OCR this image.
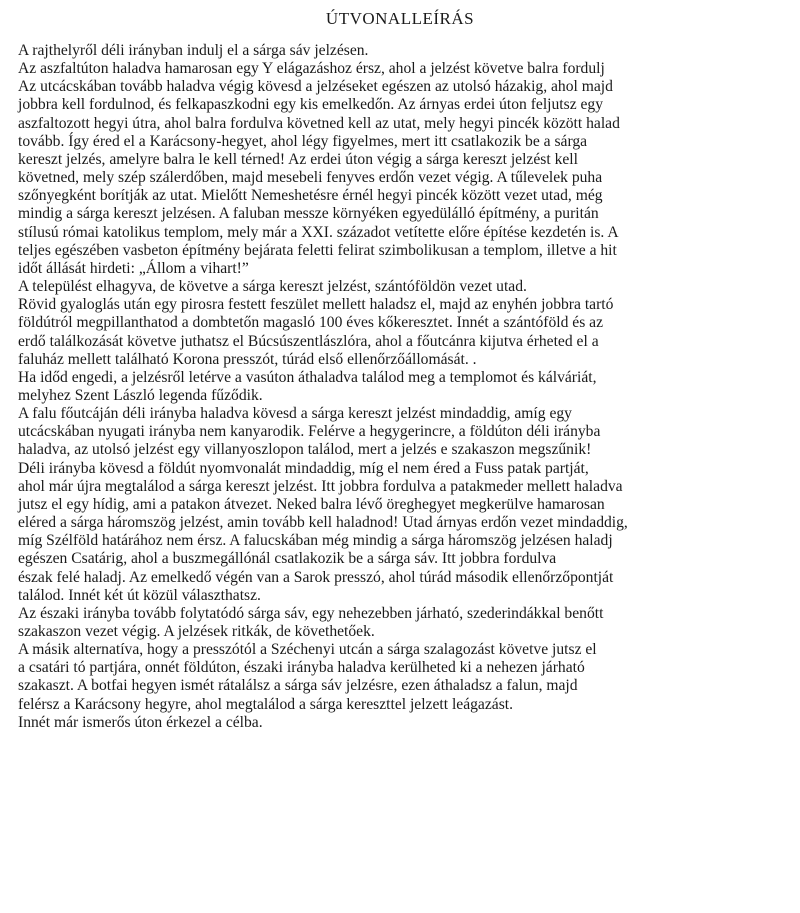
ÚTVONALLEÍRÁS
A rajthelyről déli irányban indulj el a sárga sáv jelzésen.
Az aszfaltúton haladva hamarosan egy Y elágazáshoz érsz, ahol a jelzést követve balra fordulj
Az utcácskában tovább haladva végig kövesd a jelzéseket egészen az utolsó házakig, ahol majd
jobbra kell fordulnod, és felkapaszkodni egy kis emelkedőn. Az árnyas erdei úton feljutsz egy
aszfaltozott hegyi útra, ahol balra fordulva követned kell az utat, mely hegyi pincék között halad
tovább. Így éred el a Karácsony-hegyet, ahol légy figyelmes, mert itt csatlakozik be a sárga
kereszt jelzés, amelyre balra le kell térned! Az erdei úton végig a sárga kereszt jelzést kell
követned, mely szép szálerdőben, majd mesebeli fenyves erdőn vezet végig. A tűlevelek puha
szőnyegként borítják az utat. Mielőtt Nemeshetésre érnél hegyi pincék között vezet utad, még
mindig a sárga kereszt jelzésen. A faluban messze környéken egyedülálló építmény, a puritán
stílusú római katolikus templom, mely már a XXI. századot vetítette előre építése kezdetén is. A
teljes egészében vasbeton építmény bejárata feletti felirat szimbolikusan a templom, illetve a hit
időt állását hirdeti: „Állom a vihart!”
A települést elhagyva, de követve a sárga kereszt jelzést, szántóföldön vezet utad.
Rövid gyaloglás után egy pirosra festett feszület mellett haladsz el, majd az enyhén jobbra tartó
földútról megpillanthatod a dombtetőn magasló 100 éves kőkeresztet. Innét a szántóföld és az
erdő találkozását követve juthatsz el Búcsúszentlászlóra, ahol a főutcánra kijutva érheted el a
faluház mellett található Korona presszót, túrád első ellenőrzőállomását. .
Ha időd engedi, a jelzésről letérve a vasúton áthaladva találod meg a templomot és kálváriát,
melyhez Szent László legenda fűződik.
A falu főutcáján déli irányba haladva kövesd a sárga kereszt jelzést mindaddig, amíg egy
utcácskában nyugati irányba nem kanyarodik. Felérve a hegygerincre, a földúton déli irányba
haladva, az utolsó jelzést egy villanyoszlopon találod, mert a jelzés e szakaszon megszűnik!
Déli irányba kövesd a földút nyomvonalát mindaddig, míg el nem éred a Fuss patak partját,
ahol már újra megtalálod a sárga kereszt jelzést. Itt jobbra fordulva a patakmeder mellett haladva
jutsz el egy hídig, ami a patakon átvezet. Neked balra lévő öreghegyet megkerülve hamarosan
eléred a sárga háromszög jelzést, amin tovább kell haladnod! Utad árnyas erdőn vezet mindaddig,
míg Szélföld határához nem érsz. A falucskában még mindig a sárga háromszög jelzésen haladj
egészen Csatárig, ahol a buszmegállónál csatlakozik be a sárga sáv. Itt jobbra fordulva
észak felé haladj. Az emelkedő végén van a Sarok presszó, ahol túrád második ellenőrzőpontját
találod. Innét két út közül választhatsz.
Az északi irányba tovább folytatódó sárga sáv, egy nehezebben járható, szederindákkal benőtt
szakaszon vezet végig. A jelzések ritkák, de követhetőek.
A másik alternatíva, hogy a presszótól a Széchenyi utcán a sárga szalagozást követve jutsz el
a csatári tó partjára, onnét földúton, északi irányba haladva kerülheted ki a nehezen járható
szakaszt. A botfai hegyen ismét rátalálsz a sárga sáv jelzésre, ezen áthaladsz a falun, majd
felérsz a Karácsony hegyre, ahol megtalálod a sárga kereszttel jelzett leágazást.
Innét már ismerős úton érkezel a célba.
